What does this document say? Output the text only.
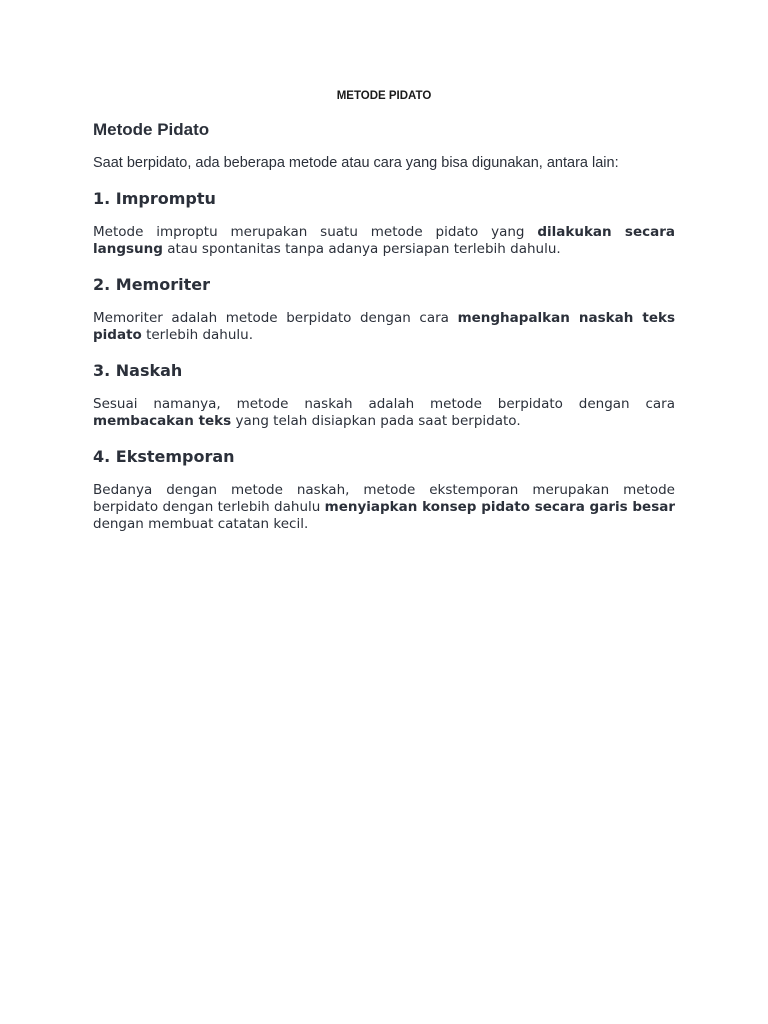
METODE PIDATO

Metode Pidato

Saat berpidato, ada beberapa metode atau cara yang bisa digunakan, antara lain:

1. Impromptu

Metode improptu merupakan suatu metode pidato yang dilakukan secara langsung atau spontanitas tanpa adanya persiapan terlebih dahulu.

2. Memoriter

Memoriter adalah metode berpidato dengan cara menghapalkan naskah teks pidato terlebih dahulu.

3. Naskah

Sesuai namanya, metode naskah adalah metode berpidato dengan cara membacakan teks yang telah disiapkan pada saat berpidato.

4. Ekstemporan

Bedanya dengan metode naskah, metode ekstemporan merupakan metode berpidato dengan terlebih dahulu menyiapkan konsep pidato secara garis besar dengan membuat catatan kecil.
